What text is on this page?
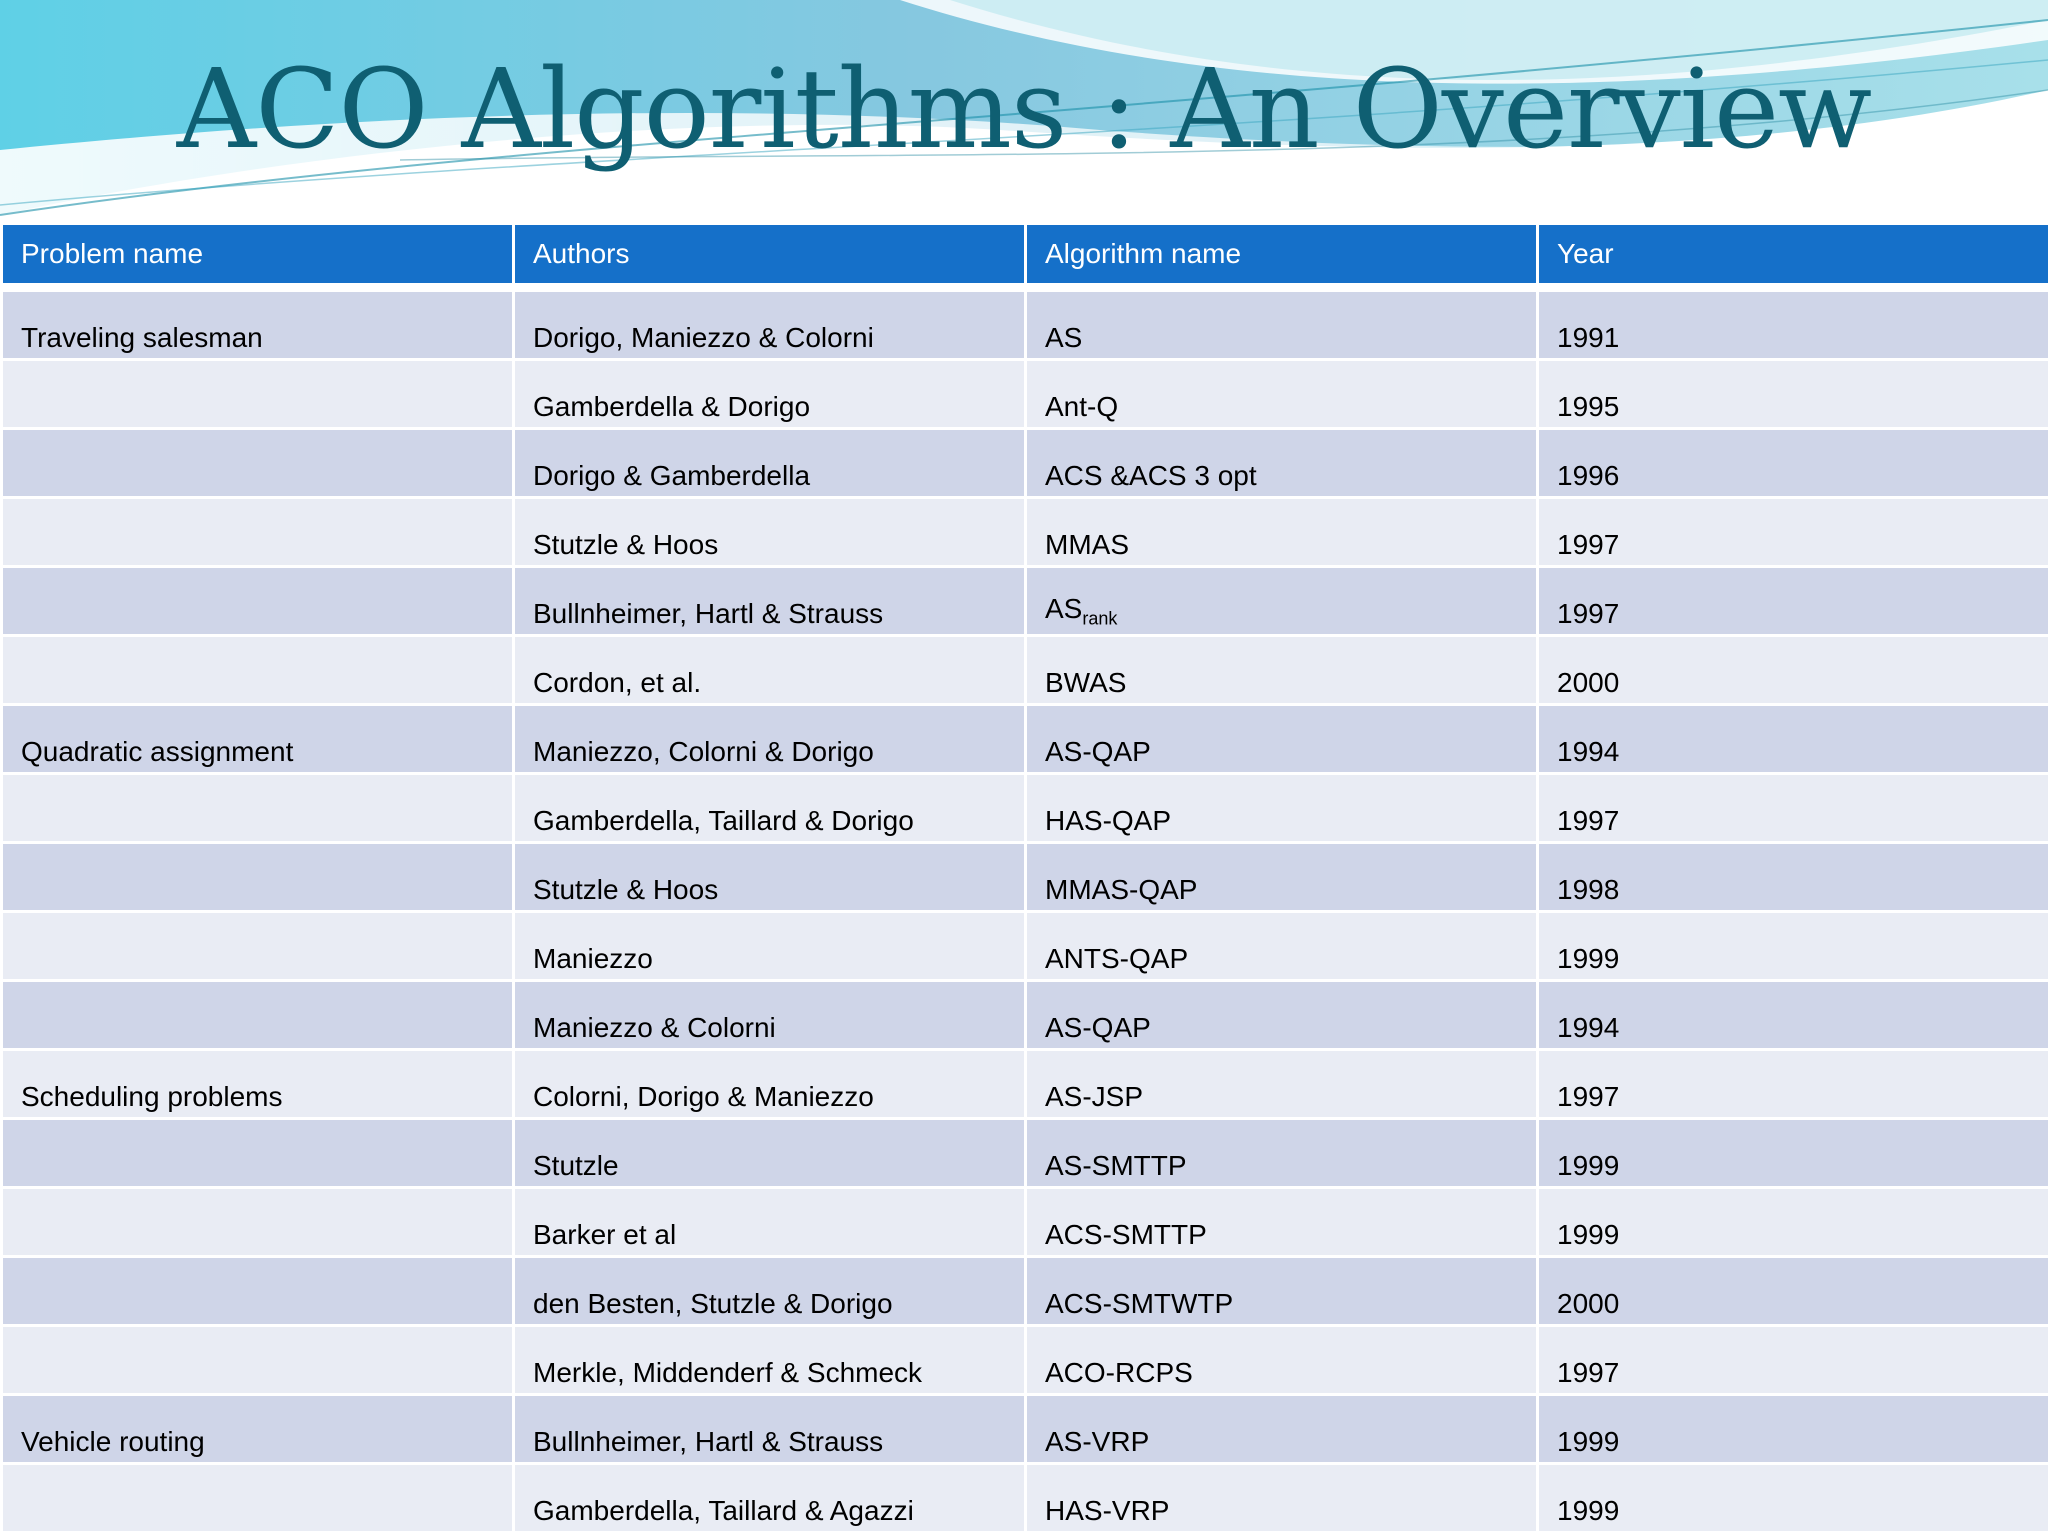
ACO Algorithms : An Overview
Problem name	Authors	Algorithm name	Year

Traveling salesman	Dorigo, Maniezzo & Colorni	AS	1991
	Gamberdella & Dorigo	Ant-Q	1995
	Dorigo & Gamberdella	ACS &ACS 3 opt	1996
	Stutzle & Hoos	MMAS	1997
	Bullnheimer, Hartl & Strauss	$AS_{rank}$	1997
	Cordon, et al.	BWAS	2000
Quadratic assignment	Maniezzo, Colorni & Dorigo	AS-QAP	1994
	Gamberdella, Taillard & Dorigo	HAS-QAP	1997
	Stutzle & Hoos	MMAS-QAP	1998
	Maniezzo	ANTS-QAP	1999
	Maniezzo & Colorni	AS-QAP	1994
Scheduling problems	Colorni, Dorigo & Maniezzo	AS-JSP	1997
	Stutzle	AS-SMTTP	1999
	Barker et al	ACS-SMTTP	1999
	den Besten, Stutzle & Dorigo	ACS-SMTWTP	2000
	Merkle, Middenderf & Schmeck	ACO-RCPS	1997
Vehicle routing	Bullnheimer, Hartl & Strauss	AS-VRP	1999
	Gamberdella, Taillard & Agazzi	HAS-VRP	1999
